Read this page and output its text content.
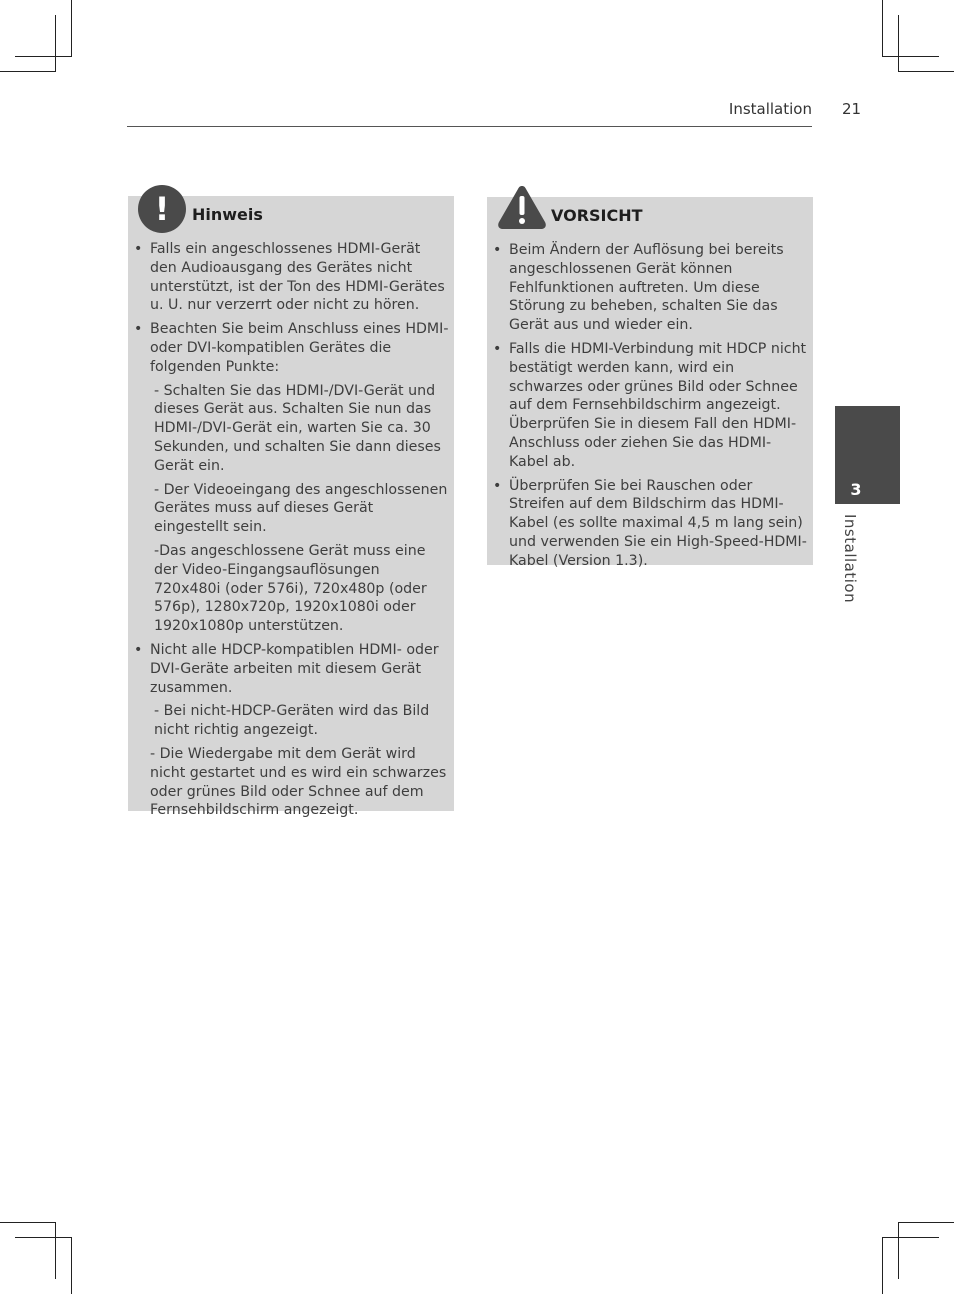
Installation 21
!	Hinweis
• Falls ein angeschlossenes HDMI-Gerät den Audioausgang des Gerätes nicht unterstützt, ist der Ton des HDMI-Gerätes u. U. nur verzerrt oder nicht zu hören.
• Beachten Sie beim Anschluss eines HDMI- oder DVI-kompatiblen Gerätes die folgenden Punkte:
- Schalten Sie das HDMI-/DVI-Gerät und dieses Gerät aus. Schalten Sie nun das HDMI-/DVI-Gerät ein, warten Sie ca. 30 Sekunden, und schalten Sie dann dieses Gerät ein.
- Der Videoeingang des angeschlossenen Gerätes muss auf dieses Gerät eingestellt sein.
-Das angeschlossene Gerät muss eine der Video-Eingangsauflösungen 720x480i (oder 576i), 720x480p (oder 576p), 1280x720p, 1920x1080i oder 1920x1080p unterstützen.
• Nicht alle HDCP-kompatiblen HDMI- oder DVI-Geräte arbeiten mit diesem Gerät zusammen.
- Bei nicht-HDCP-Geräten wird das Bild nicht richtig angezeigt.
- Die Wiedergabe mit dem Gerät wird nicht gestartet und es wird ein schwarzes oder grünes Bild oder Schnee auf dem Fernsehbildschirm angezeigt.
VORSICHT
• Beim Ändern der Auflösung bei bereits angeschlossenen Gerät können Fehlfunktionen auftreten. Um diese Störung zu beheben, schalten Sie das Gerät aus und wieder ein.
• Falls die HDMI-Verbindung mit HDCP nicht bestätigt werden kann, wird ein schwarzes oder grünes Bild oder Schnee auf dem Fernsehbildschirm angezeigt. Überprüfen Sie in diesem Fall den HDMI-Anschluss oder ziehen Sie das HDMI-Kabel ab.
• Überprüfen Sie bei Rauschen oder Streifen auf dem Bildschirm das HDMI-Kabel (es sollte maximal 4,5 m lang sein) und verwenden Sie ein High-Speed-HDMI-Kabel (Version 1.3).
3
Installation
